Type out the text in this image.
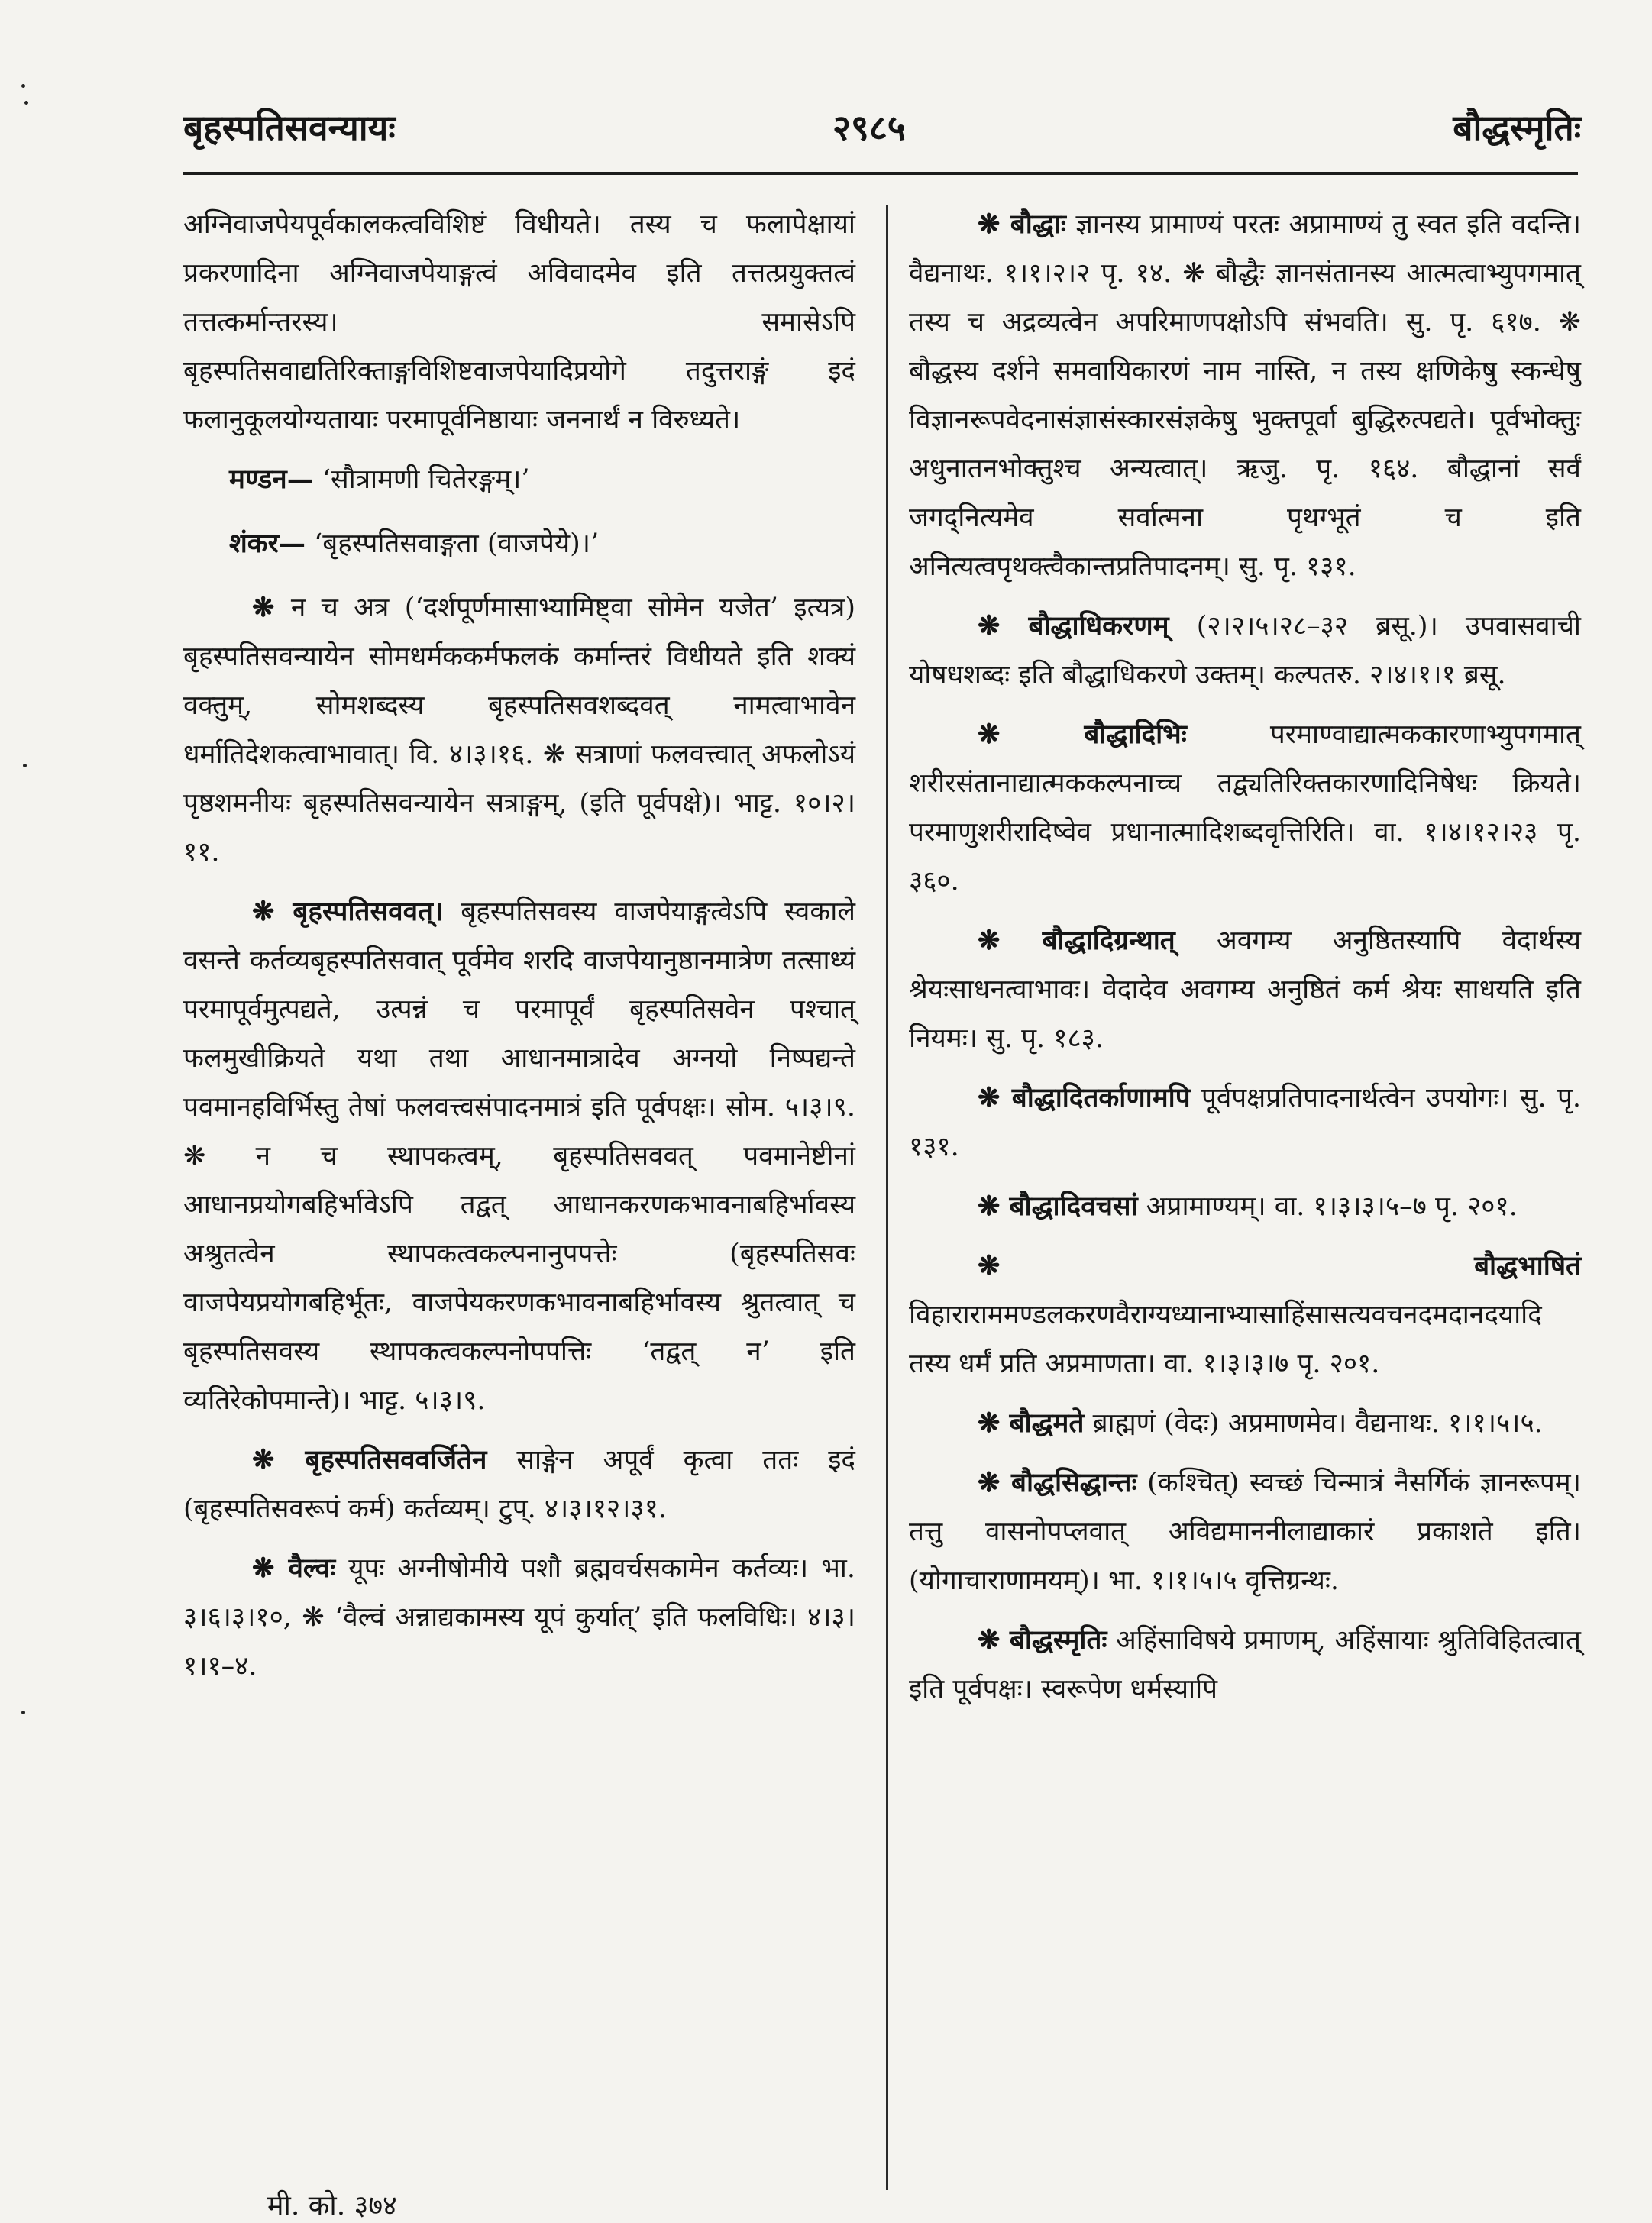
बृहस्पतिसवन्यायः	२९८५	बौद्धस्मृतिः

अग्निवाजपेयपूर्वकालकत्वविशिष्टं विधीयते। तस्य च फलापेक्षायां प्रकरणादिना अग्निवाजपेयाङ्गत्वं अविवादमेव इति तत्तत्प्रयुक्तत्वं तत्तत्कर्मान्तरस्य। समासेऽपि बृहस्पतिसवाद्यतिरिक्ताङ्गविशिष्टवाजपेयादिप्रयोगे तदुत्तराङ्गं इदं फलानुकूलयोग्यतायाः परमापूर्वनिष्ठायाः जननार्थं न विरुध्यते।

मण्डन— ‘सौत्रामणी चितेरङ्गम्।’

शंकर— ‘बृहस्पतिसवाङ्गता (वाजपेये)।’

❋ न च अत्र (‘दर्शपूर्णमासाभ्यामिष्ट्वा सोमेन यजेत’ इत्यत्र) बृहस्पतिसवन्यायेन सोमधर्मककर्मफलकं कर्मान्तरं विधीयते इति शक्यं वक्तुम्, सोमशब्दस्य बृहस्पतिसवशब्दवत् नामत्वाभावेन धर्मातिदेशकत्वाभावात्। वि. ४।३।१६. ❋ सत्राणां फलवत्त्वात् अफलोऽयं पृष्ठशमनीयः बृहस्पतिसवन्यायेन सत्राङ्गम्, (इति पूर्वपक्षे)। भाट्ट. १०।२।११.

❋ बृहस्पतिसववत्। बृहस्पतिसवस्य वाजपेयाङ्गत्वेऽपि स्वकाले वसन्ते कर्तव्यबृहस्पतिसवात् पूर्वमेव शरदि वाजपेयानुष्ठानमात्रेण तत्साध्यं परमापूर्वमुत्पद्यते, उत्पन्नं च परमापूर्वं बृहस्पतिसवेन पश्चात् फलमुखीक्रियते यथा तथा आधानमात्रादेव अग्नयो निष्पद्यन्ते पवमानहविर्भिस्तु तेषां फलवत्त्वसंपादनमात्रं इति पूर्वपक्षः। सोम. ५।३।९. ❋ न च स्थापकत्वम्, बृहस्पतिसववत् पवमानेष्टीनां आधानप्रयोगबहिर्भावेऽपि तद्वत् आधानकरणकभावनाबहिर्भावस्य अश्रुतत्वेन स्थापकत्वकल्पनानुपपत्तेः (बृहस्पतिसवः वाजपेयप्रयोगबहिर्भूतः, वाजपेयकरणकभावनाबहिर्भावस्य श्रुतत्वात् च बृहस्पतिसवस्य स्थापकत्वकल्पनोपपत्तिः ‘तद्वत् न’ इति व्यतिरेकोपमान्ते)। भाट्ट. ५।३।९.

❋ बृहस्पतिसववर्जितेन साङ्गेन अपूर्वं कृत्वा ततः इदं (बृहस्पतिसवरूपं कर्म) कर्तव्यम्। टुप्. ४।३।१२।३१.

❋ वैल्वः यूपः अग्नीषोमीये पशौ ब्रह्मवर्चसकामेन कर्तव्यः। भा. ३।६।३।१०, ❋ ‘वैल्वं अन्नाद्यकामस्य यूपं कुर्यात्’ इति फलविधिः। ४।३।१।१–४.

❋ बौद्धाः ज्ञानस्य प्रामाण्यं परतः अप्रामाण्यं तु स्वत इति वदन्ति। वैद्यनाथः. १।१।२।२ पृ. १४. ❋ बौद्धैः ज्ञानसंतानस्य आत्मत्वाभ्युपगमात् तस्य च अद्रव्यत्वेन अपरिमाणपक्षोऽपि संभवति। सु. पृ. ६१७. ❋ बौद्धस्य दर्शने समवायिकारणं नाम नास्ति, न तस्य क्षणिकेषु स्कन्धेषु विज्ञानरूपवेदनासंज्ञासंस्कारसंज्ञकेषु भुक्तपूर्वा बुद्धिरुत्पद्यते। पूर्वभोक्तुः अधुनातनभोक्तुश्च अन्यत्वात्। ऋजु. पृ. १६४. बौद्धानां सर्वं जगद्नित्यमेव सर्वात्मना पृथग्भूतं च इति अनित्यत्वपृथक्त्वैकान्तप्रतिपादनम्। सु. पृ. १३१.

❋ बौद्धाधिकरणम् (२।२।५।२८–३२ ब्रसू.)। उपवासवाची योषधशब्दः इति बौद्धाधिकरणे उक्तम्। कल्पतरु. २।४।१।१ ब्रसू.

❋ बौद्धादिभिः	परमाण्वाद्यात्मककारणाभ्युपगमात् शरीरसंतानाद्यात्मककल्पनाच्च तद्व्यतिरिक्तकारणादिनिषेधः क्रियते। परमाणुशरीरादिष्वेव प्रधानात्मादिशब्दवृत्तिरिति। वा. १।४।१२।२३ पृ. ३६०.

❋ बौद्धादिग्रन्थात् अवगम्य अनुष्ठितस्यापि वेदार्थस्य श्रेयःसाधनत्वाभावः। वेदादेव अवगम्य अनुष्ठितं कर्म श्रेयः साधयति इति नियमः। सु. पृ. १८३.

❋ बौद्धादितर्काणामपि पूर्वपक्षप्रतिपादनार्थत्वेन उपयोगः। सु. पृ. १३१.

❋ बौद्धादिवचसां अप्रामाण्यम्। वा. १।३।३।५–७ पृ. २०१.

❋ बौद्धभाषितं विहाराराममण्डलकरणवैराग्यध्यानाभ्यासाहिंसासत्यवचनदमदानदयादि तस्य धर्मं प्रति अप्रमाणता। वा. १।३।३।७ पृ. २०१.

❋ बौद्धमते ब्राह्मणं (वेदः) अप्रमाणमेव। वैद्यनाथः. १।१।५।५.

❋ बौद्धसिद्धान्तः (कश्चित्) स्वच्छं चिन्मात्रं नैसर्गिकं ज्ञानरूपम्। तत्तु वासनोपप्लवात् अविद्यमाननीलाद्याकारं प्रकाशते इति। (योगाचाराणामयम्)। भा. १।१।५।५ वृत्तिग्रन्थः.

❋ बौद्धस्मृतिः अहिंसाविषये प्रमाणम्, अहिंसायाः श्रुतिविहितत्वात् इति पूर्वपक्षः। स्वरूपेण धर्मस्यापि

मी. को. ३७४
